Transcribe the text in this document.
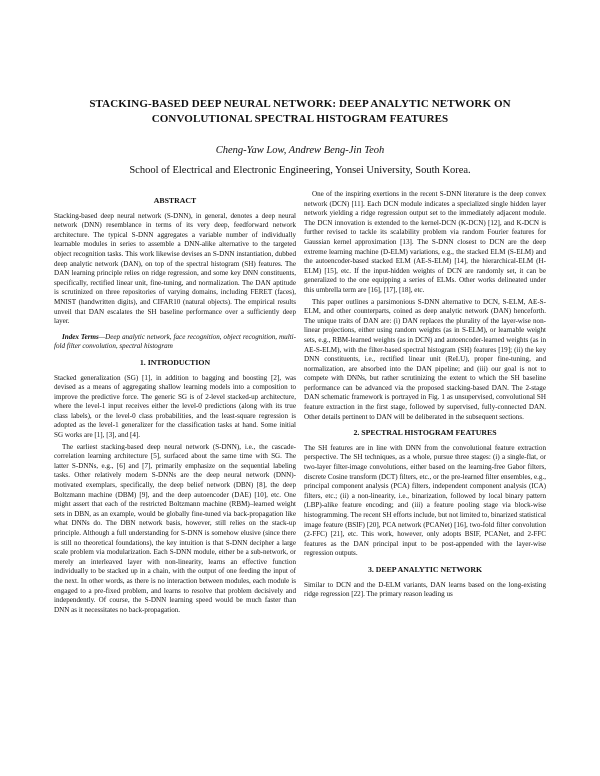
STACKING-BASED DEEP NEURAL NETWORK: DEEP ANALYTIC NETWORK ON CONVOLUTIONAL SPECTRAL HISTOGRAM FEATURES
Cheng-Yaw Low, Andrew Beng-Jin Teoh
School of Electrical and Electronic Engineering, Yonsei University, South Korea.
ABSTRACT

Stacking-based deep neural network (S-DNN), in general, denotes a deep neural network (DNN) resemblance in terms of its very deep, feedforward network architecture. The typical S-DNN aggregates a variable number of individually learnable modules in series to assemble a DNN-alike alternative to the targeted object recognition tasks. This work likewise devises an S-DNN instantiation, dubbed deep analytic network (DAN), on top of the spectral histogram (SH) features. The DAN learning principle relies on ridge regression, and some key DNN constituents, specifically, rectified linear unit, fine-tuning, and normalization. The DAN aptitude is scrutinized on three repositories of varying domains, including FERET (faces), MNIST (handwritten digits), and CIFAR10 (natural objects). The empirical results unveil that DAN escalates the SH baseline performance over a sufficiently deep layer.

Index Terms—Deep analytic network, face recognition, object recognition, multi-fold filter convolution, spectral histogram

1. INTRODUCTION

Stacked generalization (SG) [1], in addition to bagging and boosting [2], was devised as a means of aggregating shallow learning models into a composition to improve the predictive force. The generic SG is of 2-level stacked-up architecture, where the level-1 input receives either the level-0 predictions (along with its true class labels), or the level-0 class probabilities, and the least-square regression is adopted as the level-1 generalizer for the classification tasks at hand. Some initial SG works are [1], [3], and [4].

The earliest stacking-based deep neural network (S-DNN), i.e., the cascade-correlation learning architecture [5], surfaced about the same time with SG. The latter S-DNNs, e.g., [6] and [7], primarily emphasize on the sequential labeling tasks. Other relatively modern S-DNNs are the deep neural network (DNN)-motivated exemplars, specifically, the deep belief network (DBN) [8], the deep Boltzmann machine (DBM) [9], and the deep autoencoder (DAE) [10], etc. One might assert that each of the restricted Boltzmann machine (RBM)–learned weight sets in DBN, as an example, would be globally fine-tuned via back-propagation like what DNNs do. The DBN network basis, however, still relies on the stack-up principle. Although a full understanding for S-DNN is somehow elusive (since there is still no theoretical foundations), the key intuition is that S-DNN decipher a large scale problem via modularization. Each S-DNN module, either be a sub-network, or merely an interleaved layer with non-linearity, learns an effective function individually to be stacked up in a chain, with the output of one feeding the input of the next. In other words, as there is no interaction between modules, each module is engaged to a pre-fixed problem, and learns to resolve that problem decisively and independently. Of course, the S-DNN learning speed would be much faster than DNN as it necessitates no back-propagation.

One of the inspiring exertions in the recent S-DNN literature is the deep convex network (DCN) [11]. Each DCN module indicates a specialized single hidden layer network yielding a ridge regression output set to the immediately adjacent module. The DCN innovation is extended to the kernel-DCN (K-DCN) [12], and K-DCN is further revised to tackle its scalability problem via random Fourier features for Gaussian kernel approximation [13]. The S-DNN closest to DCN are the deep extreme learning machine (D-ELM) variations, e.g., the stacked ELM (S-ELM) and the autoencoder-based stacked ELM (AE-S-ELM) [14], the hierarchical-ELM (H-ELM) [15], etc. If the input-hidden weights of DCN are randomly set, it can be generalized to the one equipping a series of ELMs. Other works delineated under this umbrella term are [16], [17], [18], etc.

This paper outlines a parsimonious S-DNN alternative to DCN, S-ELM, AE-S-ELM, and other counterparts, coined as deep analytic network (DAN) henceforth. The unique traits of DAN are: (i) DAN replaces the plurality of the layer-wise non-linear projections, either using random weights (as in S-ELM), or learnable weight sets, e.g., RBM-learned weights (as in DCN) and autoencoder-learned weights (as in AE-S-ELM), with the filter-based spectral histogram (SH) features [19]; (ii) the key DNN constituents, i.e., rectified linear unit (ReLU), proper fine-tuning, and normalization, are absorbed into the DAN pipeline; and (iii) our goal is not to compete with DNNs, but rather scrutinizing the extent to which the SH baseline performance can be advanced via the proposed stacking-based DAN. The 2-stage DAN schematic framework is portrayed in Fig. 1 as unsupervised, convolutional SH feature extraction in the first stage, followed by supervised, fully-connected DAN. Other details pertinent to DAN will be deliberated in the subsequent sections.

2. SPECTRAL HISTOGRAM FEATURES

The SH features are in line with DNN from the convolutional feature extraction perspective. The SH techniques, as a whole, pursue three stages: (i) a single-flat, or two-layer filter-image convolutions, either based on the learning-free Gabor filters, discrete Cosine transform (DCT) filters, etc., or the pre-learned filter ensembles, e.g., principal component analysis (PCA) filters, independent component analysis (ICA) filters, etc.; (ii) a non-linearity, i.e., binarization, followed by local binary pattern (LBP)-alike feature encoding; and (iii) a feature pooling stage via block-wise histogramming. The recent SH efforts include, but not limited to, binarized statistical image feature (BSIF) [20], PCA network (PCANet) [16], two-fold filter convolution (2-FFC) [21], etc. This work, however, only adopts BSIF, PCANet, and 2-FFC features as the DAN principal input to be post-appended with the layer-wise regression outputs.

3. DEEP ANALYTIC NETWORK

Similar to DCN and the D-ELM variants, DAN learns based on the long-existing ridge regression [22]. The primary reason leading us
